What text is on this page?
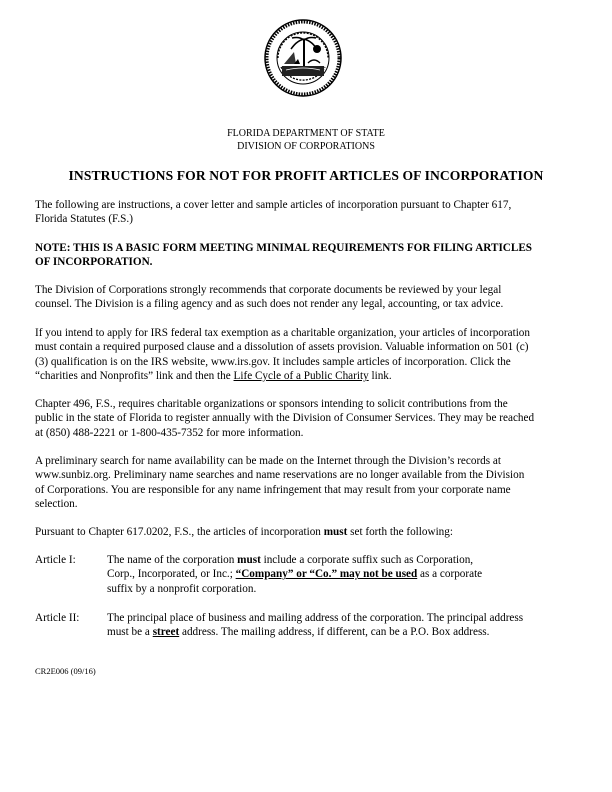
FLORIDA DEPARTMENT OF STATE
DIVISION OF CORPORATIONS
INSTRUCTIONS FOR NOT FOR PROFIT ARTICLES OF INCORPORATION
The following are instructions, a cover letter and sample articles of incorporation pursuant to Chapter 617,
Florida Statutes (F.S.)
NOTE: THIS IS A BASIC FORM MEETING MINIMAL REQUIREMENTS FOR FILING ARTICLES
OF INCORPORATION.
The Division of Corporations strongly recommends that corporate documents be reviewed by your legal
counsel. The Division is a filing agency and as such does not render any legal, accounting, or tax advice.
If you intend to apply for IRS federal tax exemption as a charitable organization, your articles of incorporation
must contain a required purposed clause and a dissolution of assets provision. Valuable information on 501 (c)
(3) qualification is on the IRS website, www.irs.gov. It includes sample articles of incorporation. Click the
“charities and Nonprofits” link and then the Life Cycle of a Public Charity link.
Chapter 496, F.S., requires charitable organizations or sponsors intending to solicit contributions from the
public in the state of Florida to register annually with the Division of Consumer Services. They may be reached
at (850) 488-2221 or 1-800-435-7352 for more information.
A preliminary search for name availability can be made on the Internet through the Division’s records at
www.sunbiz.org. Preliminary name searches and name reservations are no longer available from the Division
of Corporations. You are responsible for any name infringement that may result from your corporate name
selection.
Pursuant to Chapter 617.0202, F.S., the articles of incorporation must set forth the following:
Article I:	The name of the corporation must include a corporate suffix such as Corporation,
Corp., Incorporated, or Inc.; “Company” or “Co.” may not be used as a corporate
suffix by a nonprofit corporation.
Article II: The principal place of business and mailing address of the corporation. The principal address
must be a street address. The mailing address, if different, can be a P.O. Box address.
CR2E006 (09/16)
